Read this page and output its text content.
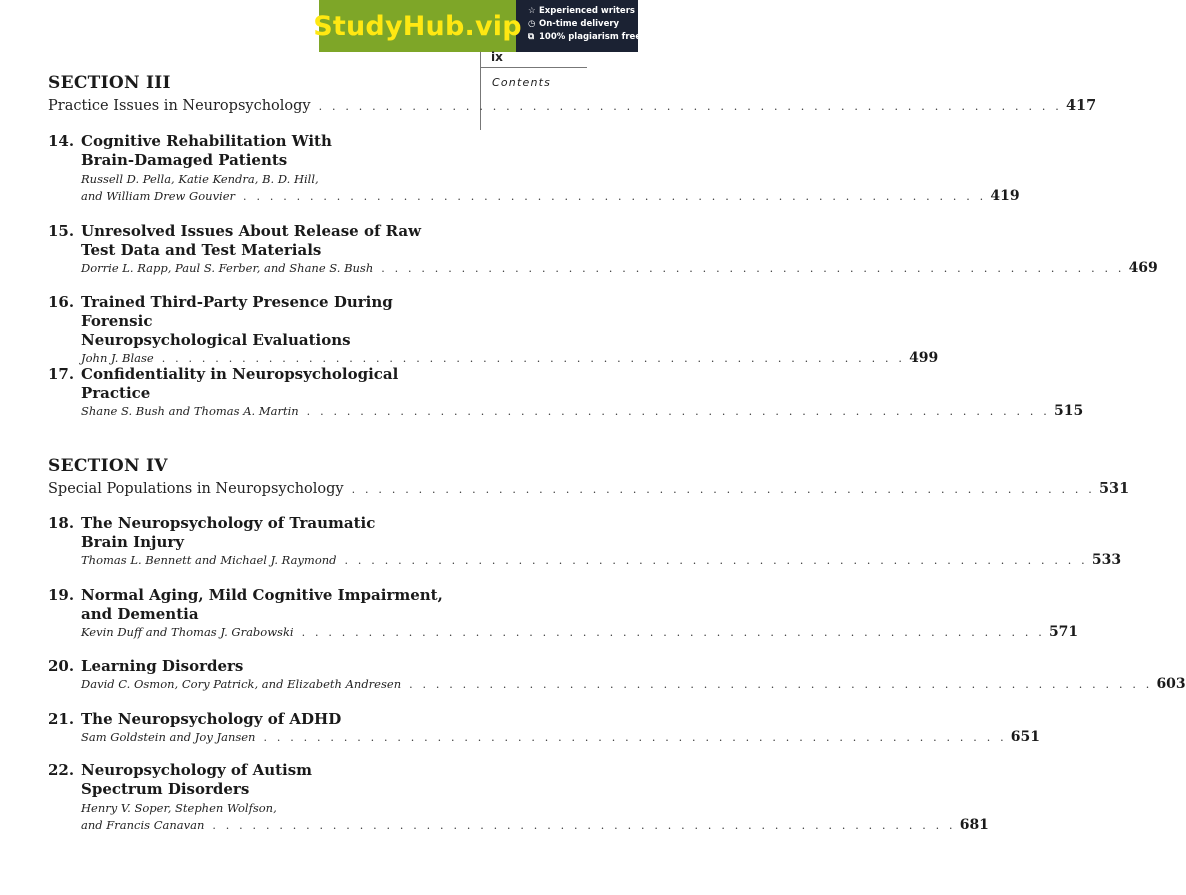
StudyHub.vip ☆ Experienced writers
◷ On-time delivery
⧉ 100% plagiarism free
ix
Contents
SECTION III
Practice Issues in Neuropsychology . . . . . . . . . . . . . . . . . . . . . . . . . . . . . . . . . . . . . . . . . . . . . . . . . . . . . . . . 417
14. Cognitive Rehabilitation With
Brain-Damaged Patients
Russell D. Pella, Katie Kendra, B. D. Hill,
and William Drew Gouvier . . . . . . . . . . . . . . . . . . . . . . . . . . . . . . . . . . . . . . . . . . . . . . . . . . . . . . . . 419
15. Unresolved Issues About Release of Raw
Test Data and Test Materials
Dorrie L. Rapp, Paul S. Ferber, and Shane S. Bush . . . . . . . . . . . . . . . . . . . . . . . . . . . . . . . . . . . . . . . . . . . . . . . . . . . . . . . . 469
16. Trained Third-Party Presence During Forensic
Neuropsychological Evaluations
John J. Blase . . . . . . . . . . . . . . . . . . . . . . . . . . . . . . . . . . . . . . . . . . . . . . . . . . . . . . . . 499
17. Confidentiality in Neuropsychological
Practice
Shane S. Bush and Thomas A. Martin . . . . . . . . . . . . . . . . . . . . . . . . . . . . . . . . . . . . . . . . . . . . . . . . . . . . . . . . 515
SECTION IV
Special Populations in Neuropsychology . . . . . . . . . . . . . . . . . . . . . . . . . . . . . . . . . . . . . . . . . . . . . . . . . . . . . . . . 531
18. The Neuropsychology of Traumatic
Brain Injury
Thomas L. Bennett and Michael J. Raymond . . . . . . . . . . . . . . . . . . . . . . . . . . . . . . . . . . . . . . . . . . . . . . . . . . . . . . . . 533
19. Normal Aging, Mild Cognitive Impairment,
and Dementia
Kevin Duff and Thomas J. Grabowski . . . . . . . . . . . . . . . . . . . . . . . . . . . . . . . . . . . . . . . . . . . . . . . . . . . . . . . . 571
20. Learning Disorders
David C. Osmon, Cory Patrick, and Elizabeth Andresen . . . . . . . . . . . . . . . . . . . . . . . . . . . . . . . . . . . . . . . . . . . . . . . . . . . . . . . . 603
21. The Neuropsychology of ADHD
Sam Goldstein and Joy Jansen . . . . . . . . . . . . . . . . . . . . . . . . . . . . . . . . . . . . . . . . . . . . . . . . . . . . . . . . 651
22. Neuropsychology of Autism
Spectrum Disorders
Henry V. Soper, Stephen Wolfson,
and Francis Canavan . . . . . . . . . . . . . . . . . . . . . . . . . . . . . . . . . . . . . . . . . . . . . . . . . . . . . . . . 681
